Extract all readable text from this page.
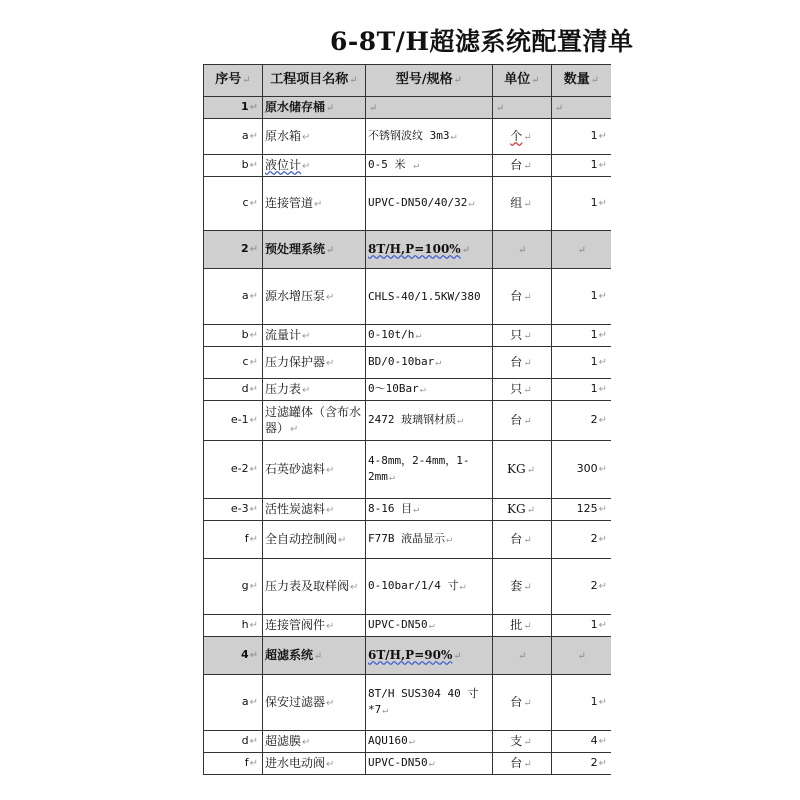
6-8T/H超滤系统配置清单
序号↵	工程项目名称↵	型号/规格↵	单位↵	数量↵	
1↵	原水储存桶↵	↵	↵	↵	
a↵	原水箱↵	不锈钢波纹 3m3↵	个↵	1↵	
b↵	液位计↵	0-5 米 ↵	台↵	1↵	
c↵	连接管道↵	UPVC-DN50/40/32↵	组↵	1↵	
2↵	预处理系统↵	8T/H,P=100%↵	↵	↵	
a↵	源水增压泵↵	CHLS-40/1.5KW/380	台↵	1↵	
b↵	流量计↵	0-10t/h↵	只↵	1↵	
c↵	压力保护器↵	BD/0-10bar↵	台↵	1↵	
d↵	压力表↵	0～10Bar↵	只↵	1↵	
e-1↵	过滤罐体（含布水器）↵	2472 玻璃钢材质↵	台↵	2↵	
e-2↵	石英砂滤料↵	4-8mm，2-4mm，1-2mm↵	KG↵	300↵	
e-3↵	活性炭滤料↵	8-16 目↵	KG↵	125↵	
f↵	全自动控制阀↵	F77B 液晶显示↵	台↵	2↵	
g↵	压力表及取样阀↵	0-10bar/1/4 寸↵	套↵	2↵	
h↵	连接管阀件↵	UPVC-DN50↵	批↵	1↵	
4↵	超滤系统↵	6T/H,P=90%↵	↵	↵	
a↵	保安过滤器↵	8T/H SUS304 40 寸*7↵	台↵	1↵	
d↵	超滤膜↵	AQU160↵	支↵	4↵	
f↵	进水电动阀↵	UPVC-DN50↵	台↵	2↵	
